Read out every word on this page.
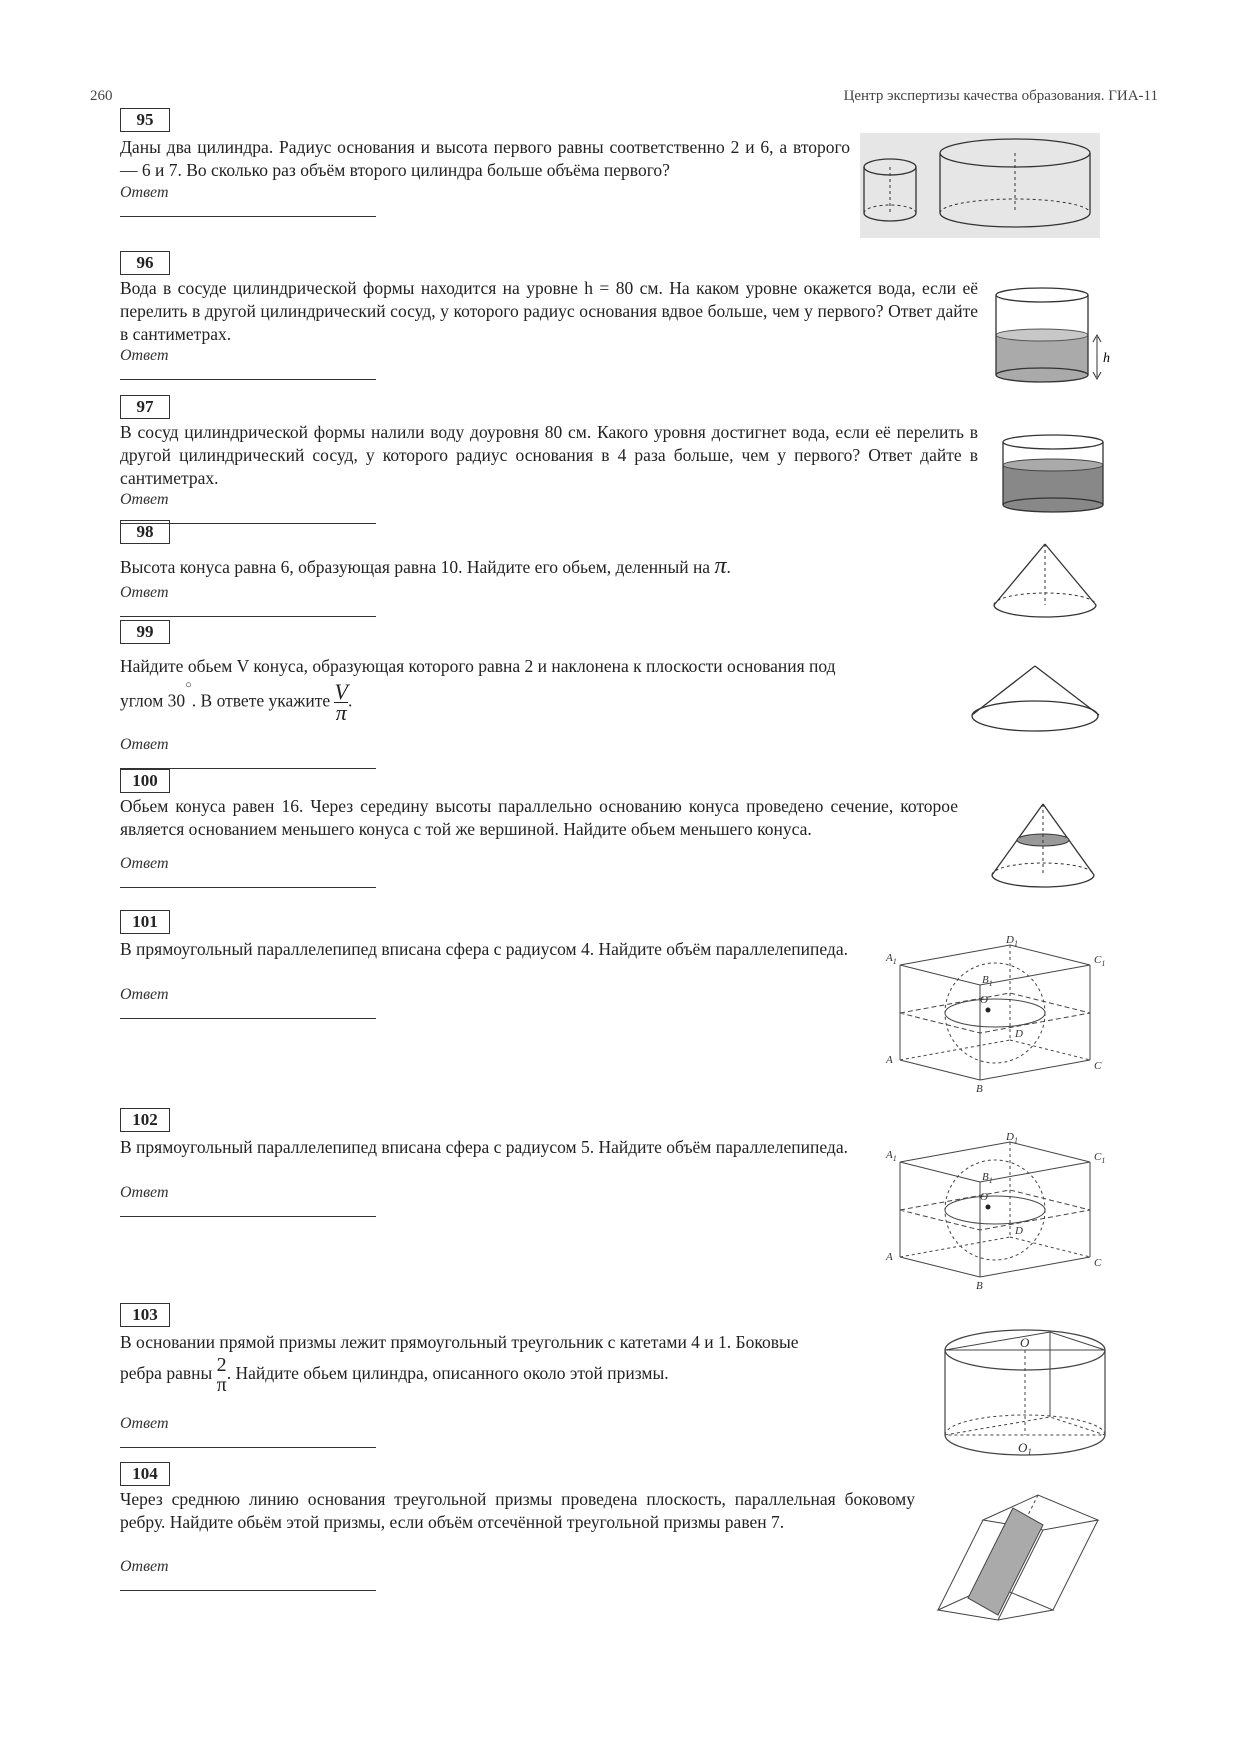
260	Центр экспертизы качества образования. ГИА-11
95
Даны два цилиндра. Радиус основания и высота первого равны соответственно 2 и 6, а второго — 6 и 7. Во сколько раз объём второго цилиндра больше объёма первого?
Ответ
96
Вода в сосуде цилиндрической формы находится на уровне h = 80 см. На каком уровне окажется вода, если её перелить в другой цилиндрический сосуд, у которого радиус основания вдвое больше, чем у первого? Ответ дайте в сантиметрах.
Ответ	h
97
В сосуд цилиндрической формы налили воду доуровня 80 см. Какого уровня достигнет вода, если её перелить в другой цилиндрический сосуд, у которого радиус основания в 4 раза больше, чем у первого? Ответ дайте в сантиметрах.
Ответ
98
Высота конуса равна 6, образующая равна 10. Найдите его обьем, деленный на π.
Ответ
99
Найдите обьем V конуса, образующая которого равна 2 и наклонена к плоскости основания под
углом 30○. В ответе укажите $\frac{V}{\pi}$.
Ответ
100
Обьем конуса равен 16. Через середину высоты параллельно основанию конуса проведено сечение, которое является основанием меньшего конуса с той же вершиной. Найдите обьем меньшего конуса.
Ответ
101
В прямоугольный параллелепипед вписана сфера с радиусом 4. Найдите объём параллелепипеда.
Ответ
$A_1$
$D_1$
$C_1$
$B_1$
O
D
A	C
B
102
В прямоугольный параллелепипед вписана сфера с радиусом 5. Найдите объём параллелепипеда.
Ответ
$A_1$
$D_1$
$C_1$
$B_1$
O
D
A	C
B
103
В основании прямой призмы лежит прямоугольный треугольник с катетами 4 и 1. Боковые
ребра равны 2
π. Найдите обьем цилиндра, описанного около этой призмы.
Ответ
O
$O_1$
104
Через среднюю линию основания треугольной призмы проведена плоскость, параллельная боковому ребру. Найдите обьём этой призмы, если объём отсечённой треугольной призмы равен 7.
Ответ
